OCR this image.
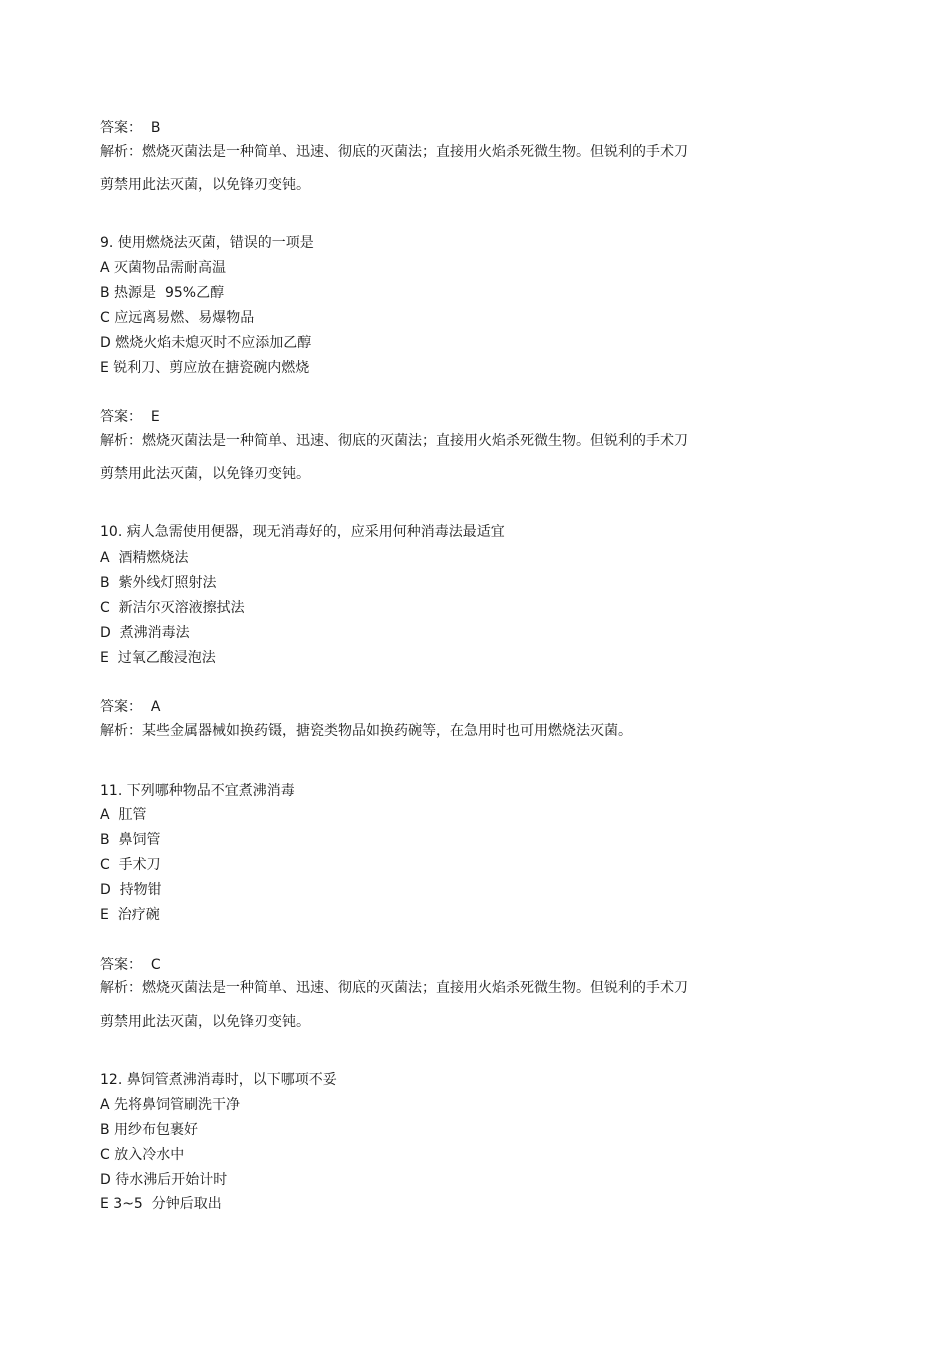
答案：  B
解析：燃烧灭菌法是一种简单、迅速、彻底的灭菌法；直接用火焰杀死微生物。但锐利的手术刀
剪禁用此法灭菌，以免锋刃变钝。
9. 使用燃烧法灭菌，错误的一项是
A 灭菌物品需耐高温
B 热源是  95%乙醇
C 应远离易燃、易爆物品
D 燃烧火焰未熄灭时不应添加乙醇
E 锐利刀、剪应放在搪瓷碗内燃烧
答案：  E
解析：燃烧灭菌法是一种简单、迅速、彻底的灭菌法；直接用火焰杀死微生物。但锐利的手术刀
剪禁用此法灭菌，以免锋刃变钝。
10. 病人急需使用便器，现无消毒好的，应采用何种消毒法最适宜
A  酒精燃烧法
B  紫外线灯照射法
C  新洁尔灭溶液擦拭法
D  煮沸消毒法
E  过氧乙酸浸泡法
答案：  A
解析：某些金属器械如换药镊，搪瓷类物品如换药碗等，在急用时也可用燃烧法灭菌。
11. 下列哪种物品不宜煮沸消毒
A  肛管
B  鼻饲管
C  手术刀
D  持物钳
E  治疗碗
答案：  C
解析：燃烧灭菌法是一种简单、迅速、彻底的灭菌法；直接用火焰杀死微生物。但锐利的手术刀
剪禁用此法灭菌，以免锋刃变钝。
12. 鼻饲管煮沸消毒时，以下哪项不妥
A 先将鼻饲管刷洗干净
B 用纱布包裹好
C 放入冷水中
D 待水沸后开始计时
E 3~5  分钟后取出
